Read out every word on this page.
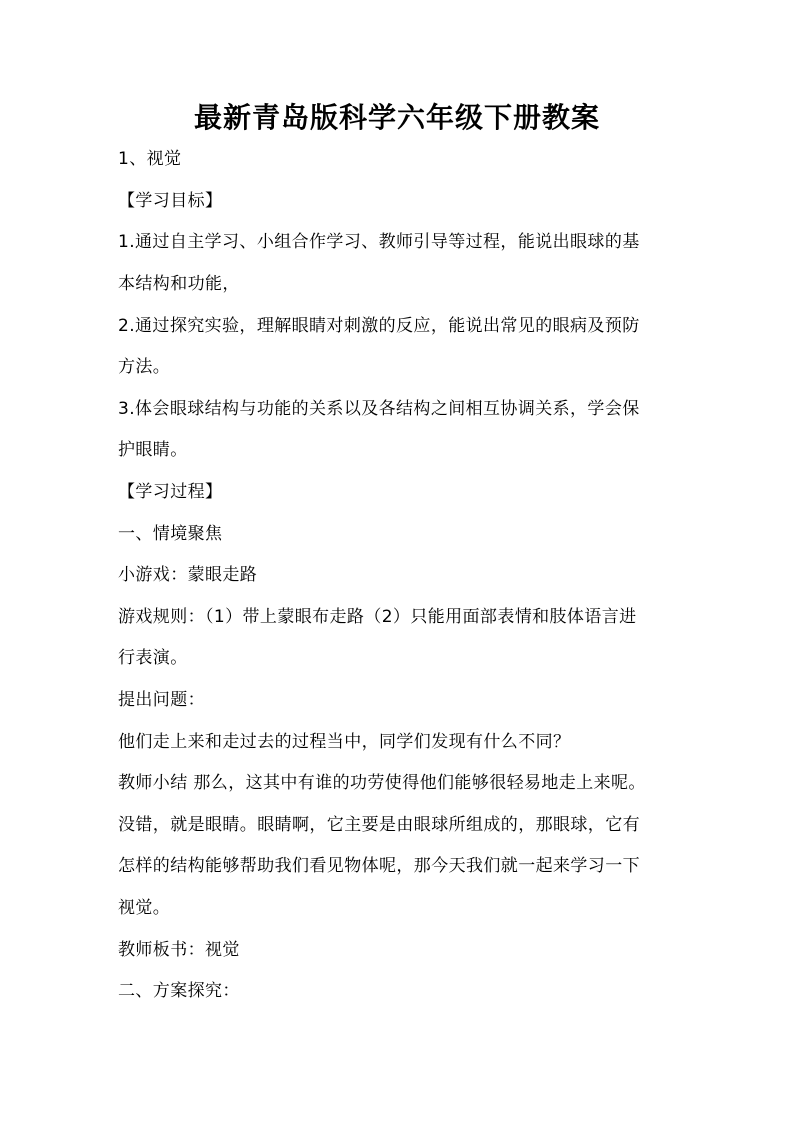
最新青岛版科学六年级下册教案
1、视觉
【学习目标】
1.通过自主学习、小组合作学习、教师引导等过程，能说出眼球的基
本结构和功能，
2.通过探究实验，理解眼睛对刺激的反应，能说出常见的眼病及预防
方法。
3.体会眼球结构与功能的关系以及各结构之间相互协调关系，学会保
护眼睛。
【学习过程】
一、情境聚焦
小游戏：蒙眼走路
游戏规则：（1）带上蒙眼布走路（2）只能用面部表情和肢体语言进
行表演。
提出问题：
他们走上来和走过去的过程当中，同学们发现有什么不同？
教师小结 那么，这其中有谁的功劳使得他们能够很轻易地走上来呢。
没错，就是眼睛。眼睛啊，它主要是由眼球所组成的，那眼球，它有
怎样的结构能够帮助我们看见物体呢，那今天我们就一起来学习一下
视觉。
教师板书：视觉
二、方案探究：
